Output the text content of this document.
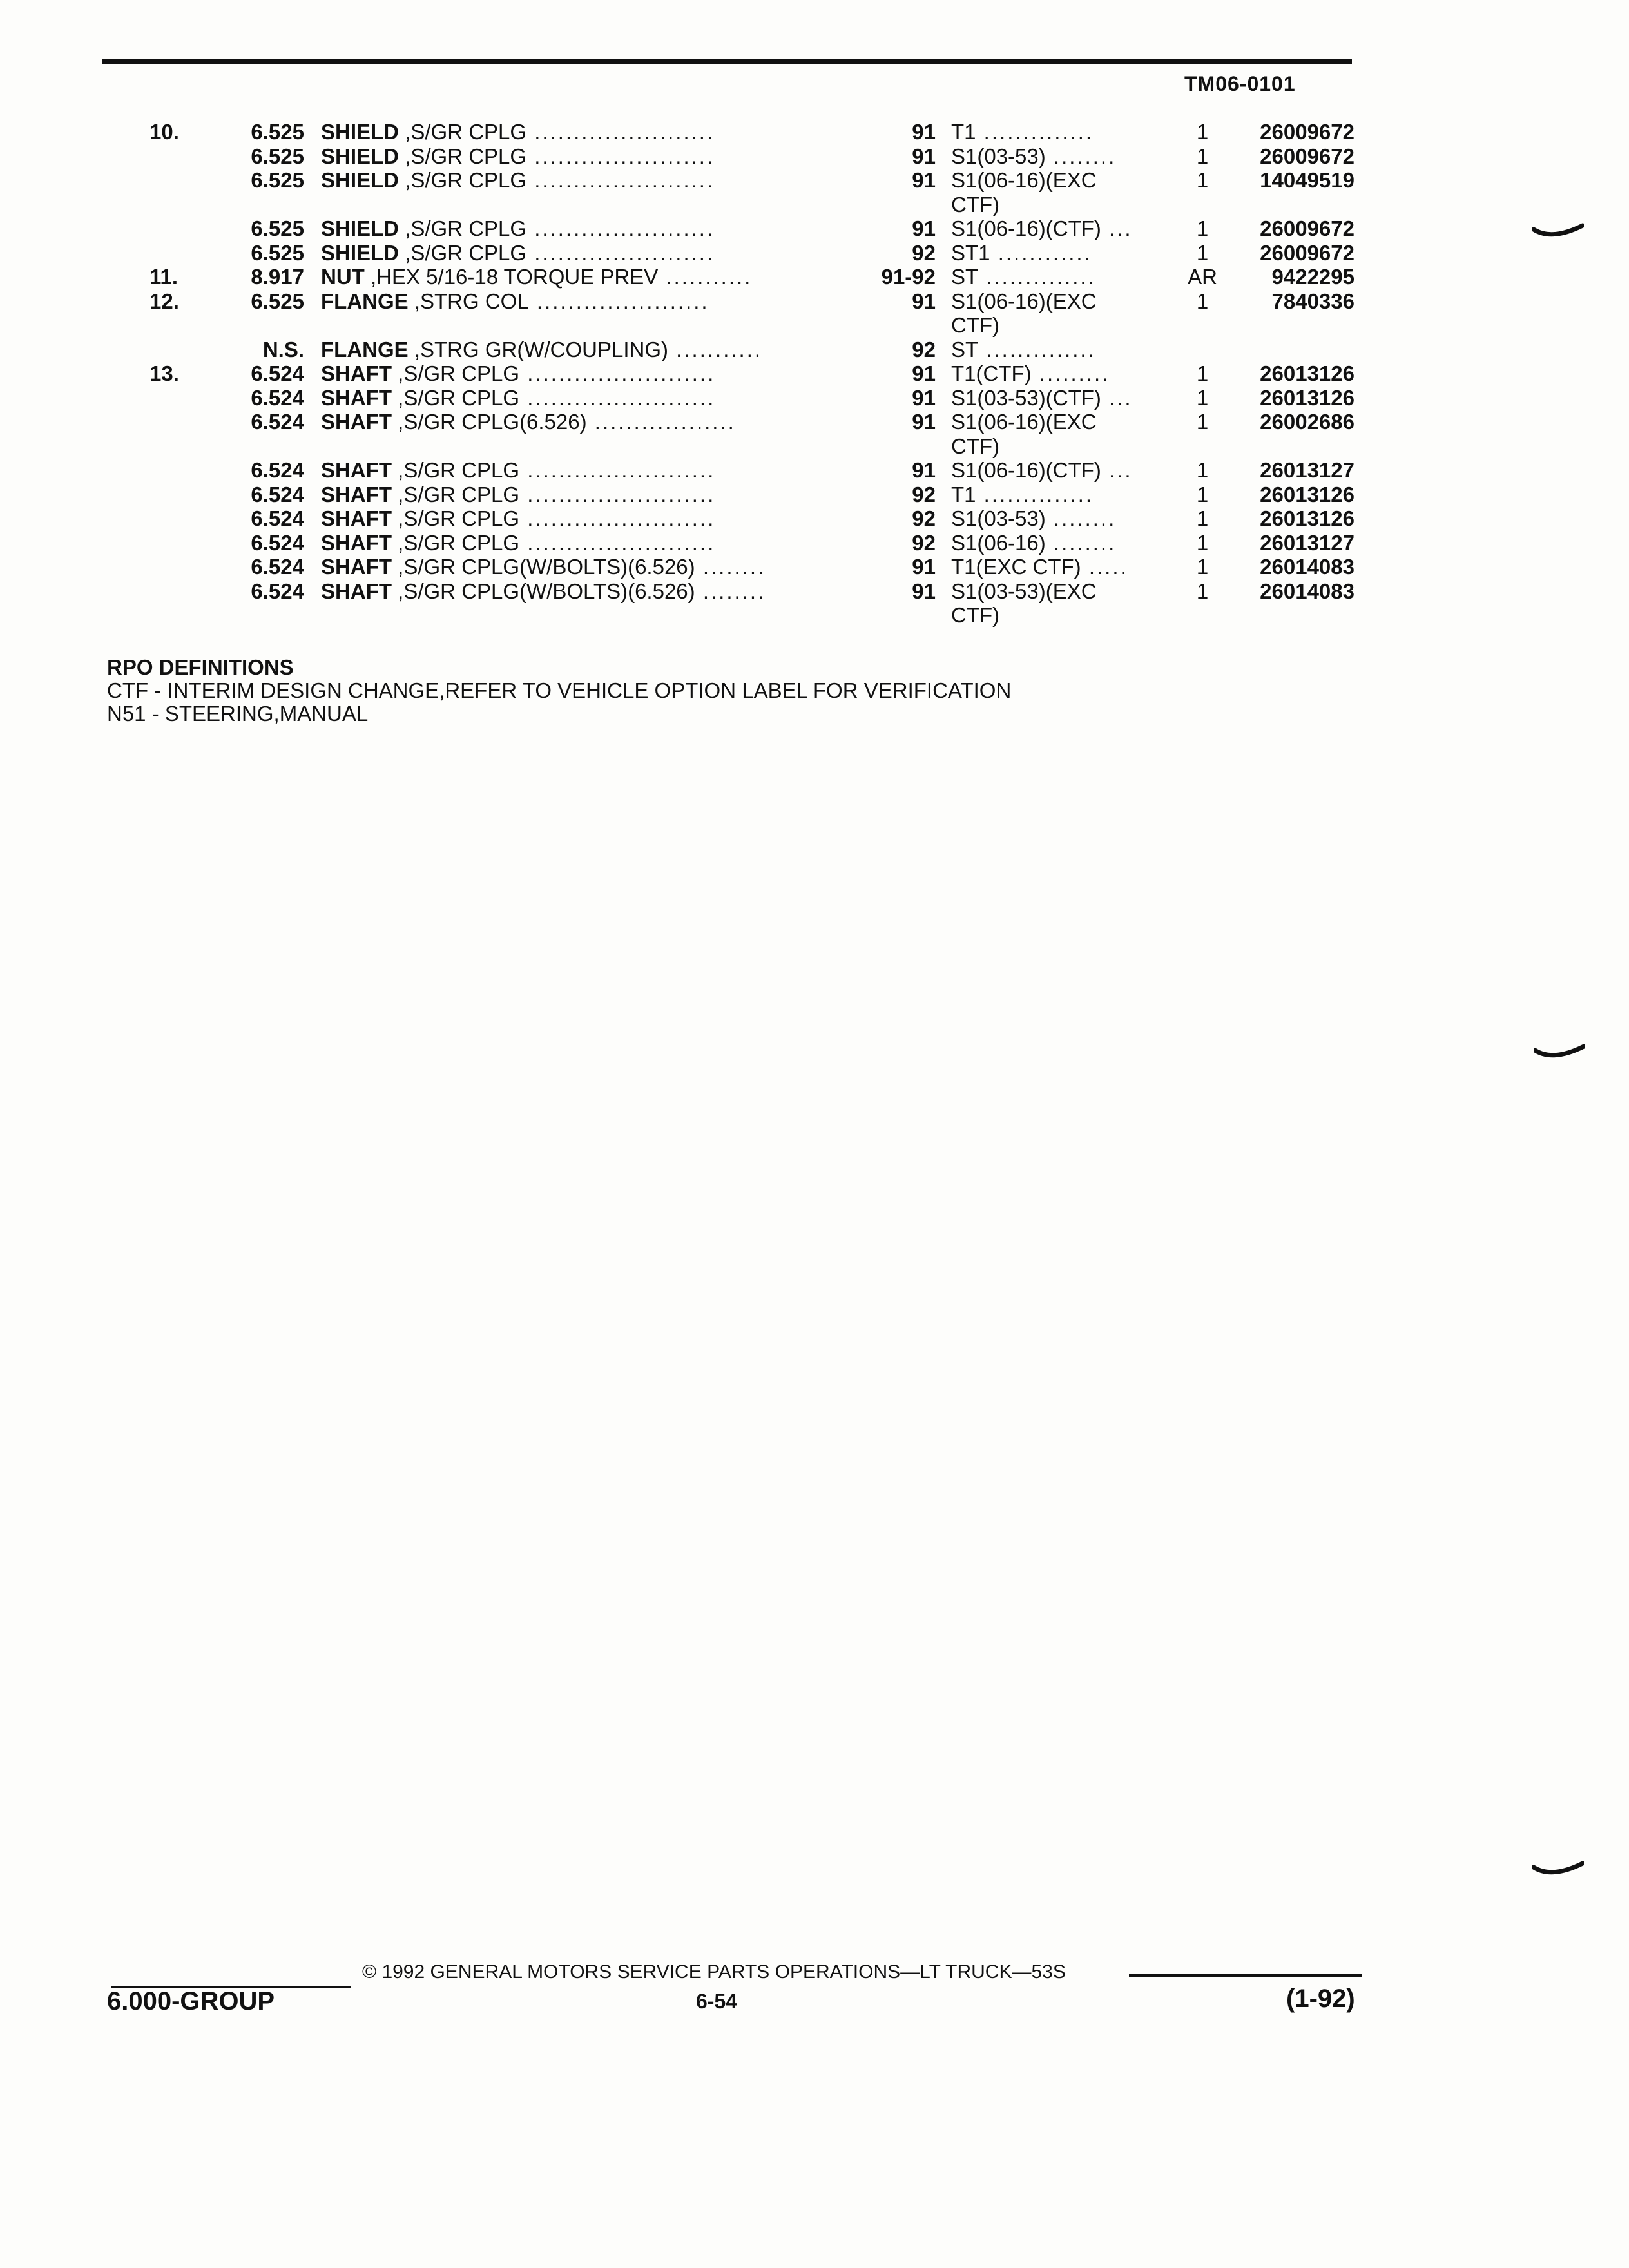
TM06-0101
10.	6.525 SHIELD ,S/GR CPLG .......................	91 T1 ..............	1	26009672
6.525 SHIELD ,S/GR CPLG .......................	91 S1(03-53) ........	1	26009672
6.525 SHIELD ,S/GR CPLG .......................	91 S1(06-16)(EXC	1	14049519
CTF)
6.525 SHIELD ,S/GR CPLG .......................	91 S1(06-16)(CTF) ...	1	26009672
6.525 SHIELD ,S/GR CPLG .......................	92 ST1 ............	1	26009672
11.	8.917 NUT ,HEX 5/16-18 TORQUE PREV ...........	91-92 ST ..............	AR	9422295
12.	6.525 FLANGE ,STRG COL ......................	91 S1(06-16)(EXC	1	7840336
CTF)
N.S. FLANGE ,STRG GR(W/COUPLING) ...........	92 ST ..............
13.	6.524 SHAFT ,S/GR CPLG ........................	91 T1(CTF) .........	1	26013126
6.524 SHAFT ,S/GR CPLG ........................	91 S1(03-53)(CTF) ...	1	26013126
6.524 SHAFT ,S/GR CPLG(6.526) ..................	91 S1(06-16)(EXC	1	26002686
CTF)
6.524 SHAFT ,S/GR CPLG ........................	91 S1(06-16)(CTF) ...	1	26013127
6.524 SHAFT ,S/GR CPLG ........................	92 T1 ..............	1	26013126
6.524 SHAFT ,S/GR CPLG ........................	92 S1(03-53) ........	1	26013126
6.524 SHAFT ,S/GR CPLG ........................	92 S1(06-16) ........	1	26013127
6.524 SHAFT ,S/GR CPLG(W/BOLTS)(6.526) ........	91 T1(EXC CTF) .....	1	26014083
6.524 SHAFT ,S/GR CPLG(W/BOLTS)(6.526) ........	91 S1(03-53)(EXC	1	26014083
CTF)
RPO DEFINITIONS
CTF - INTERIM DESIGN CHANGE,REFER TO VEHICLE OPTION LABEL FOR VERIFICATION
N51 - STEERING,MANUAL
© 1992 GENERAL MOTORS SERVICE PARTS OPERATIONS—LT TRUCK—53S
6.000-GROUP	6-54	(1-92)
